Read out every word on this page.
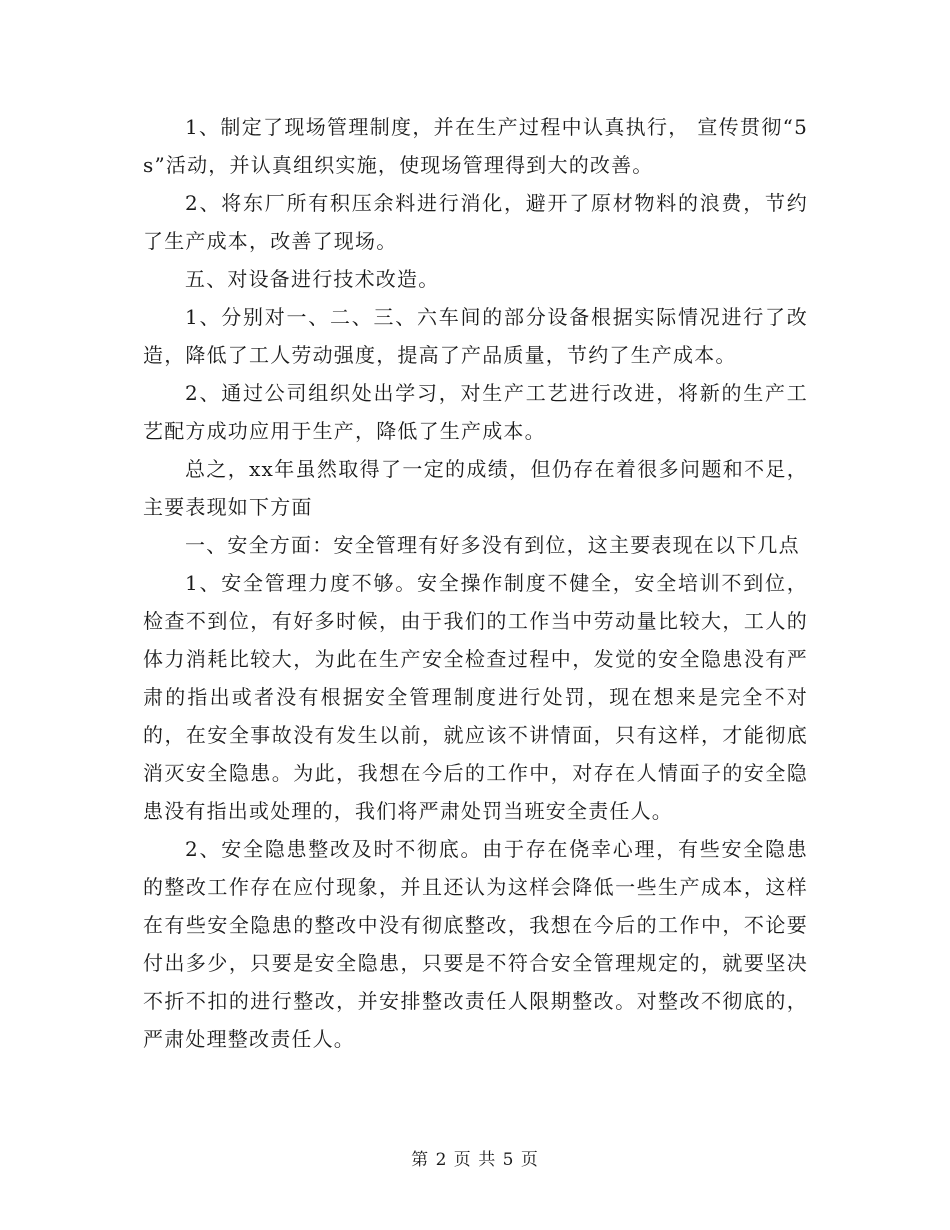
1、制定了现场管理制度，并在生产过程中认真执行， 宣传贯彻“5s”活动，并认真组织实施，使现场管理得到大的改善。

2、将东厂所有积压余料进行消化，避开了原材物料的浪费，节约了生产成本，改善了现场。

五、对设备进行技术改造。

1、分别对一、二、三、六车间的部分设备根据实际情况进行了改造，降低了工人劳动强度，提高了产品质量，节约了生产成本。

2、通过公司组织处出学习，对生产工艺进行改进，将新的生产工艺配方成功应用于生产，降低了生产成本。

总之，xx年虽然取得了一定的成绩，但仍存在着很多问题和不足，主要表现如下方面

一、安全方面：安全管理有好多没有到位，这主要表现在以下几点

1、安全管理力度不够。安全操作制度不健全，安全培训不到位，检查不到位，有好多时候，由于我们的工作当中劳动量比较大，工人的体力消耗比较大，为此在生产安全检查过程中，发觉的安全隐患没有严肃的指出或者没有根据安全管理制度进行处罚，现在想来是完全不对的，在安全事故没有发生以前，就应该不讲情面，只有这样，才能彻底消灭安全隐患。为此，我想在今后的工作中，对存在人情面子的安全隐患没有指出或处理的，我们将严肃处罚当班安全责任人。

2、安全隐患整改及时不彻底。由于存在侥幸心理，有些安全隐患的整改工作存在应付现象，并且还认为这样会降低一些生产成本，这样在有些安全隐患的整改中没有彻底整改，我想在今后的工作中，不论要付出多少，只要是安全隐患，只要是不符合安全管理规定的，就要坚决不折不扣的进行整改，并安排整改责任人限期整改。对整改不彻底的，严肃处理整改责任人。

第 2 页 共 5 页
